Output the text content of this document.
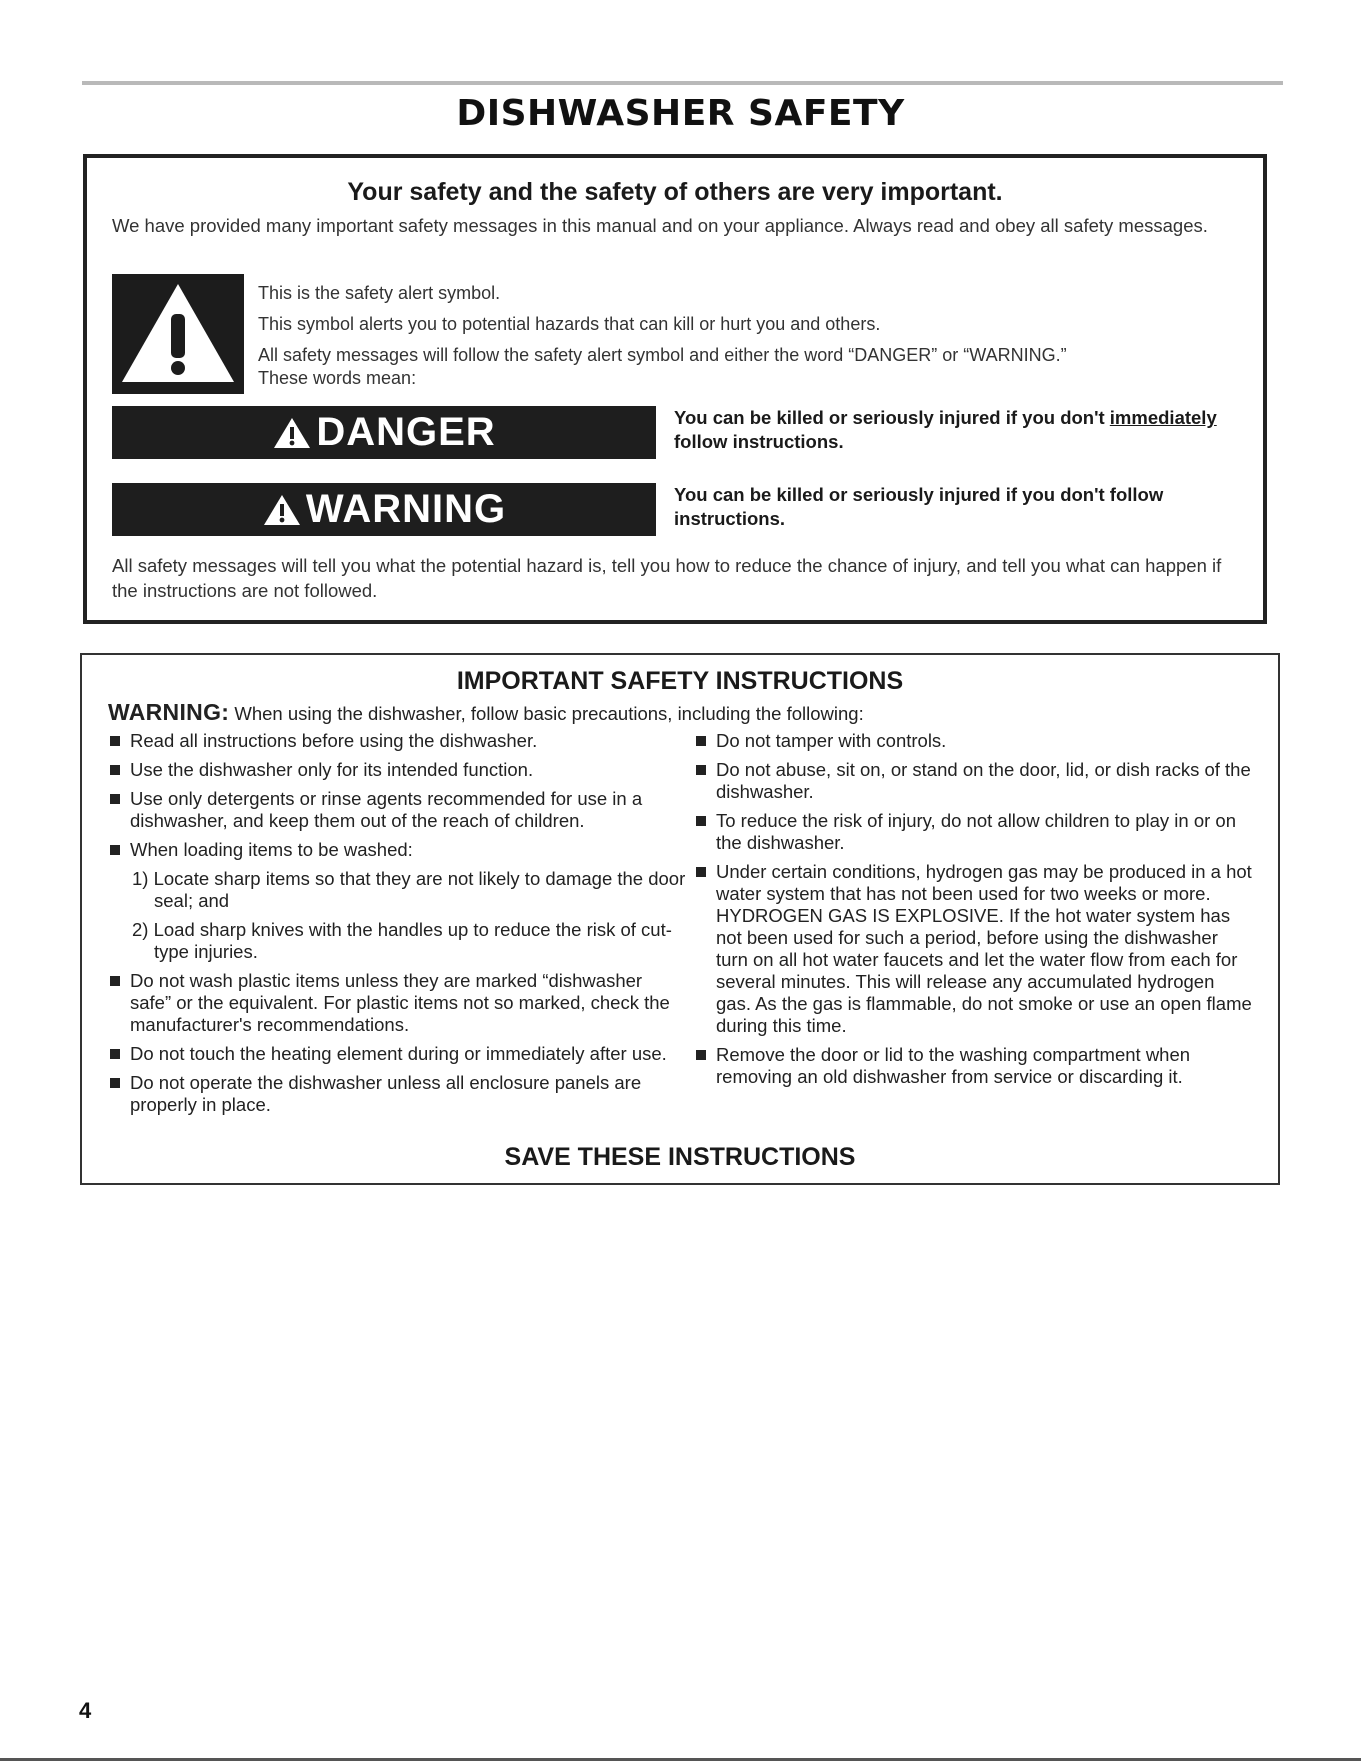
DISHWASHER SAFETY
Your safety and the safety of others are very important.
We have provided many important safety messages in this manual and on your appliance. Always read and obey all safety messages.
This is the safety alert symbol.
This symbol alerts you to potential hazards that can kill or hurt you and others.
All safety messages will follow the safety alert symbol and either the word “DANGER” or “WARNING.”
These words mean:
DANGER	You can be killed or seriously injured if you don't immediately follow instructions.
WARNING	You can be killed or seriously injured if you don't follow instructions.
All safety messages will tell you what the potential hazard is, tell you how to reduce the chance of injury, and tell you what can happen if the instructions are not followed.
IMPORTANT SAFETY INSTRUCTIONS
WARNING: When using the dishwasher, follow basic precautions, including the following:
Read all instructions before using the dishwasher.
Use the dishwasher only for its intended function.
Use only detergents or rinse agents recommended for use in a dishwasher, and keep them out of the reach of children.
When loading items to be washed:
1) Locate sharp items so that they are not likely to damage the door seal; and
2) Load sharp knives with the handles up to reduce the risk of cut-type injuries.
Do not wash plastic items unless they are marked “dishwasher safe” or the equivalent. For plastic items not so marked, check the manufacturer's recommendations.
Do not touch the heating element during or immediately after use.
Do not operate the dishwasher unless all enclosure panels are properly in place.
Do not tamper with controls.
Do not abuse, sit on, or stand on the door, lid, or dish racks of the dishwasher.
To reduce the risk of injury, do not allow children to play in or on the dishwasher.
Under certain conditions, hydrogen gas may be produced in a hot water system that has not been used for two weeks or more. HYDROGEN GAS IS EXPLOSIVE. If the hot water system has not been used for such a period, before using the dishwasher turn on all hot water faucets and let the water flow from each for several minutes. This will release any accumulated hydrogen gas. As the gas is flammable, do not smoke or use an open flame during this time.
Remove the door or lid to the washing compartment when removing an old dishwasher from service or discarding it.
SAVE THESE INSTRUCTIONS
4
